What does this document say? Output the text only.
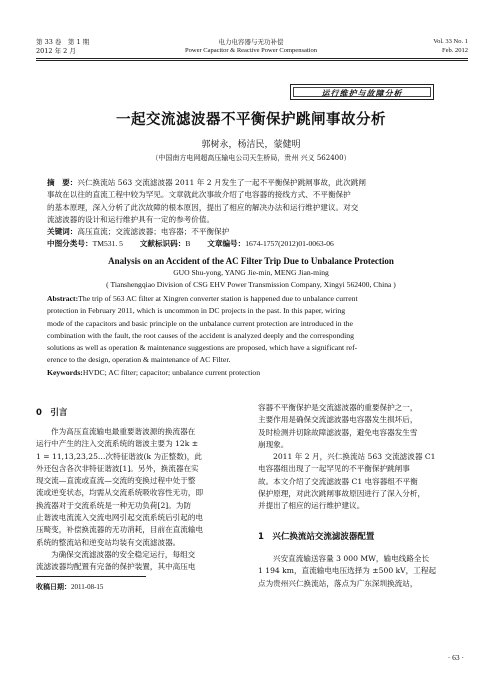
第 33 卷　第 1 期
2012 年 2 月
电力电容器与无功补偿
Power Capacitor & Reactive Power Compensation
Vol. 33 No. 1
Feb. 2012
运行维护与故障分析
一起交流滤波器不平衡保护跳闸事故分析
郭树永，杨洁民，蒙健明
（中国南方电网超高压输电公司天生桥局，贵州 兴义 562400）
摘　要：兴仁换流站 563 交流滤波器 2011 年 2 月发生了一起不平衡保护跳闸事故，此次跳闸
事故在以往的直流工程中较为罕见。文章就此次事故介绍了电容器的接线方式、不平衡保护
的基本原理，深入分析了此次故障的根本原因，提出了相应的解决办法和运行维护建议。对交
流滤波器的设计和运行维护具有一定的参考价值。
关键词：高压直流；交流滤波器；电容器；不平衡保护
中图分类号：TM531. 5 文献标识码：B 文章编号：1674-1757(2012)01-0063-06
Analysis on an Accident of the AC Filter Trip Due to Unbalance Protection
GUO Shu-yong, YANG Jie-min, MENG Jian-ming
( Tianshengqiao Division of CSG EHV Power Transmission Company, Xingyi 562400, China )
Abstract:The trip of 563 AC filter at Xingren converter station is happened due to unbalance current
protection in February 2011, which is uncommon in DC projects in the past. In this paper, wiring
mode of the capacitors and basic principle on the unbalance current protection are introduced in the
combination with the fault, the root causes of the accident is analyzed deeply and the corresponding
solutions as well as operation & maintenance suggestions are proposed, which have a significant ref-
erence to the design, operation & maintenance of AC Filter.
Keywords:HVDC; AC filter; capacitor; unbalance current protection
0　引言
作为高压直流输电最重要谐波源的换流器在
运行中产生的注入交流系统的谐波主要为 12k ±
1 = 11,13,23,25…次特征谐波(k 为正整数)，此
外还包含各次非特征谐波[1]。另外，换流器在实
现交流—直流或直流—交流的变换过程中处于整
流或逆变状态，均需从交流系统吸收容性无功，即
换流器对于交流系统是一种无功负荷[2]。为防
止谐波电流流入交流电网引起交流系统后引起的电
压畸变，补偿换流器的无功消耗，目前在直流输电
系统的整流站和逆变站均装有交流滤波器。
为确保交流滤波器的安全稳定运行，每组交
流滤波器均配置有完备的保护装置，其中高压电
容器不平衡保护是交流滤波器的重要保护之一，
主要作用是确保交流滤波器电容器发生损坏后，
及时检测并切除故障滤波器，避免电容器发生雪
崩现象。
2011 年 2 月，兴仁换流站 563 交流滤波器 C1
电容器组出现了一起罕见的不平衡保护跳闸事
故。本文介绍了交流滤波器 C1 电容器组不平衡
保护原理，对此次跳闸事故原因进行了深入分析，
并提出了相应的运行维护建议。
1　兴仁换流站交流滤波器配置
兴安直流输送容量 3 000 MW，输电线路全长
1 194 km，直流输电电压选择为 ±500 kV，工程起
点为贵州兴仁换流站，落点为广东深圳换流站，
收稿日期：2011-08-15
· 63 ·
